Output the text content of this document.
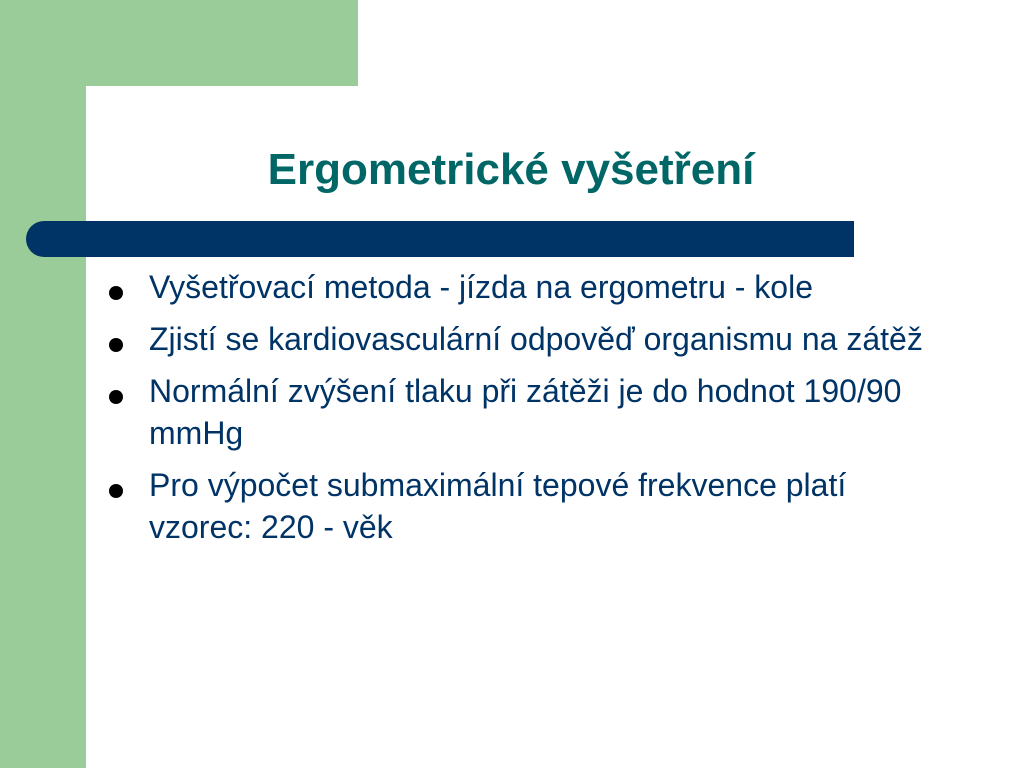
Ergometrické vyšetření
Vyšetřovací metoda - jízda na ergometru - kole
Zjistí se kardiovasculární odpověď organismu na zátěž
Normální zvýšení tlaku při zátěži je do hodnot 190/90 mmHg
Pro výpočet submaximální tepové frekvence platí vzorec: 220 - věk
